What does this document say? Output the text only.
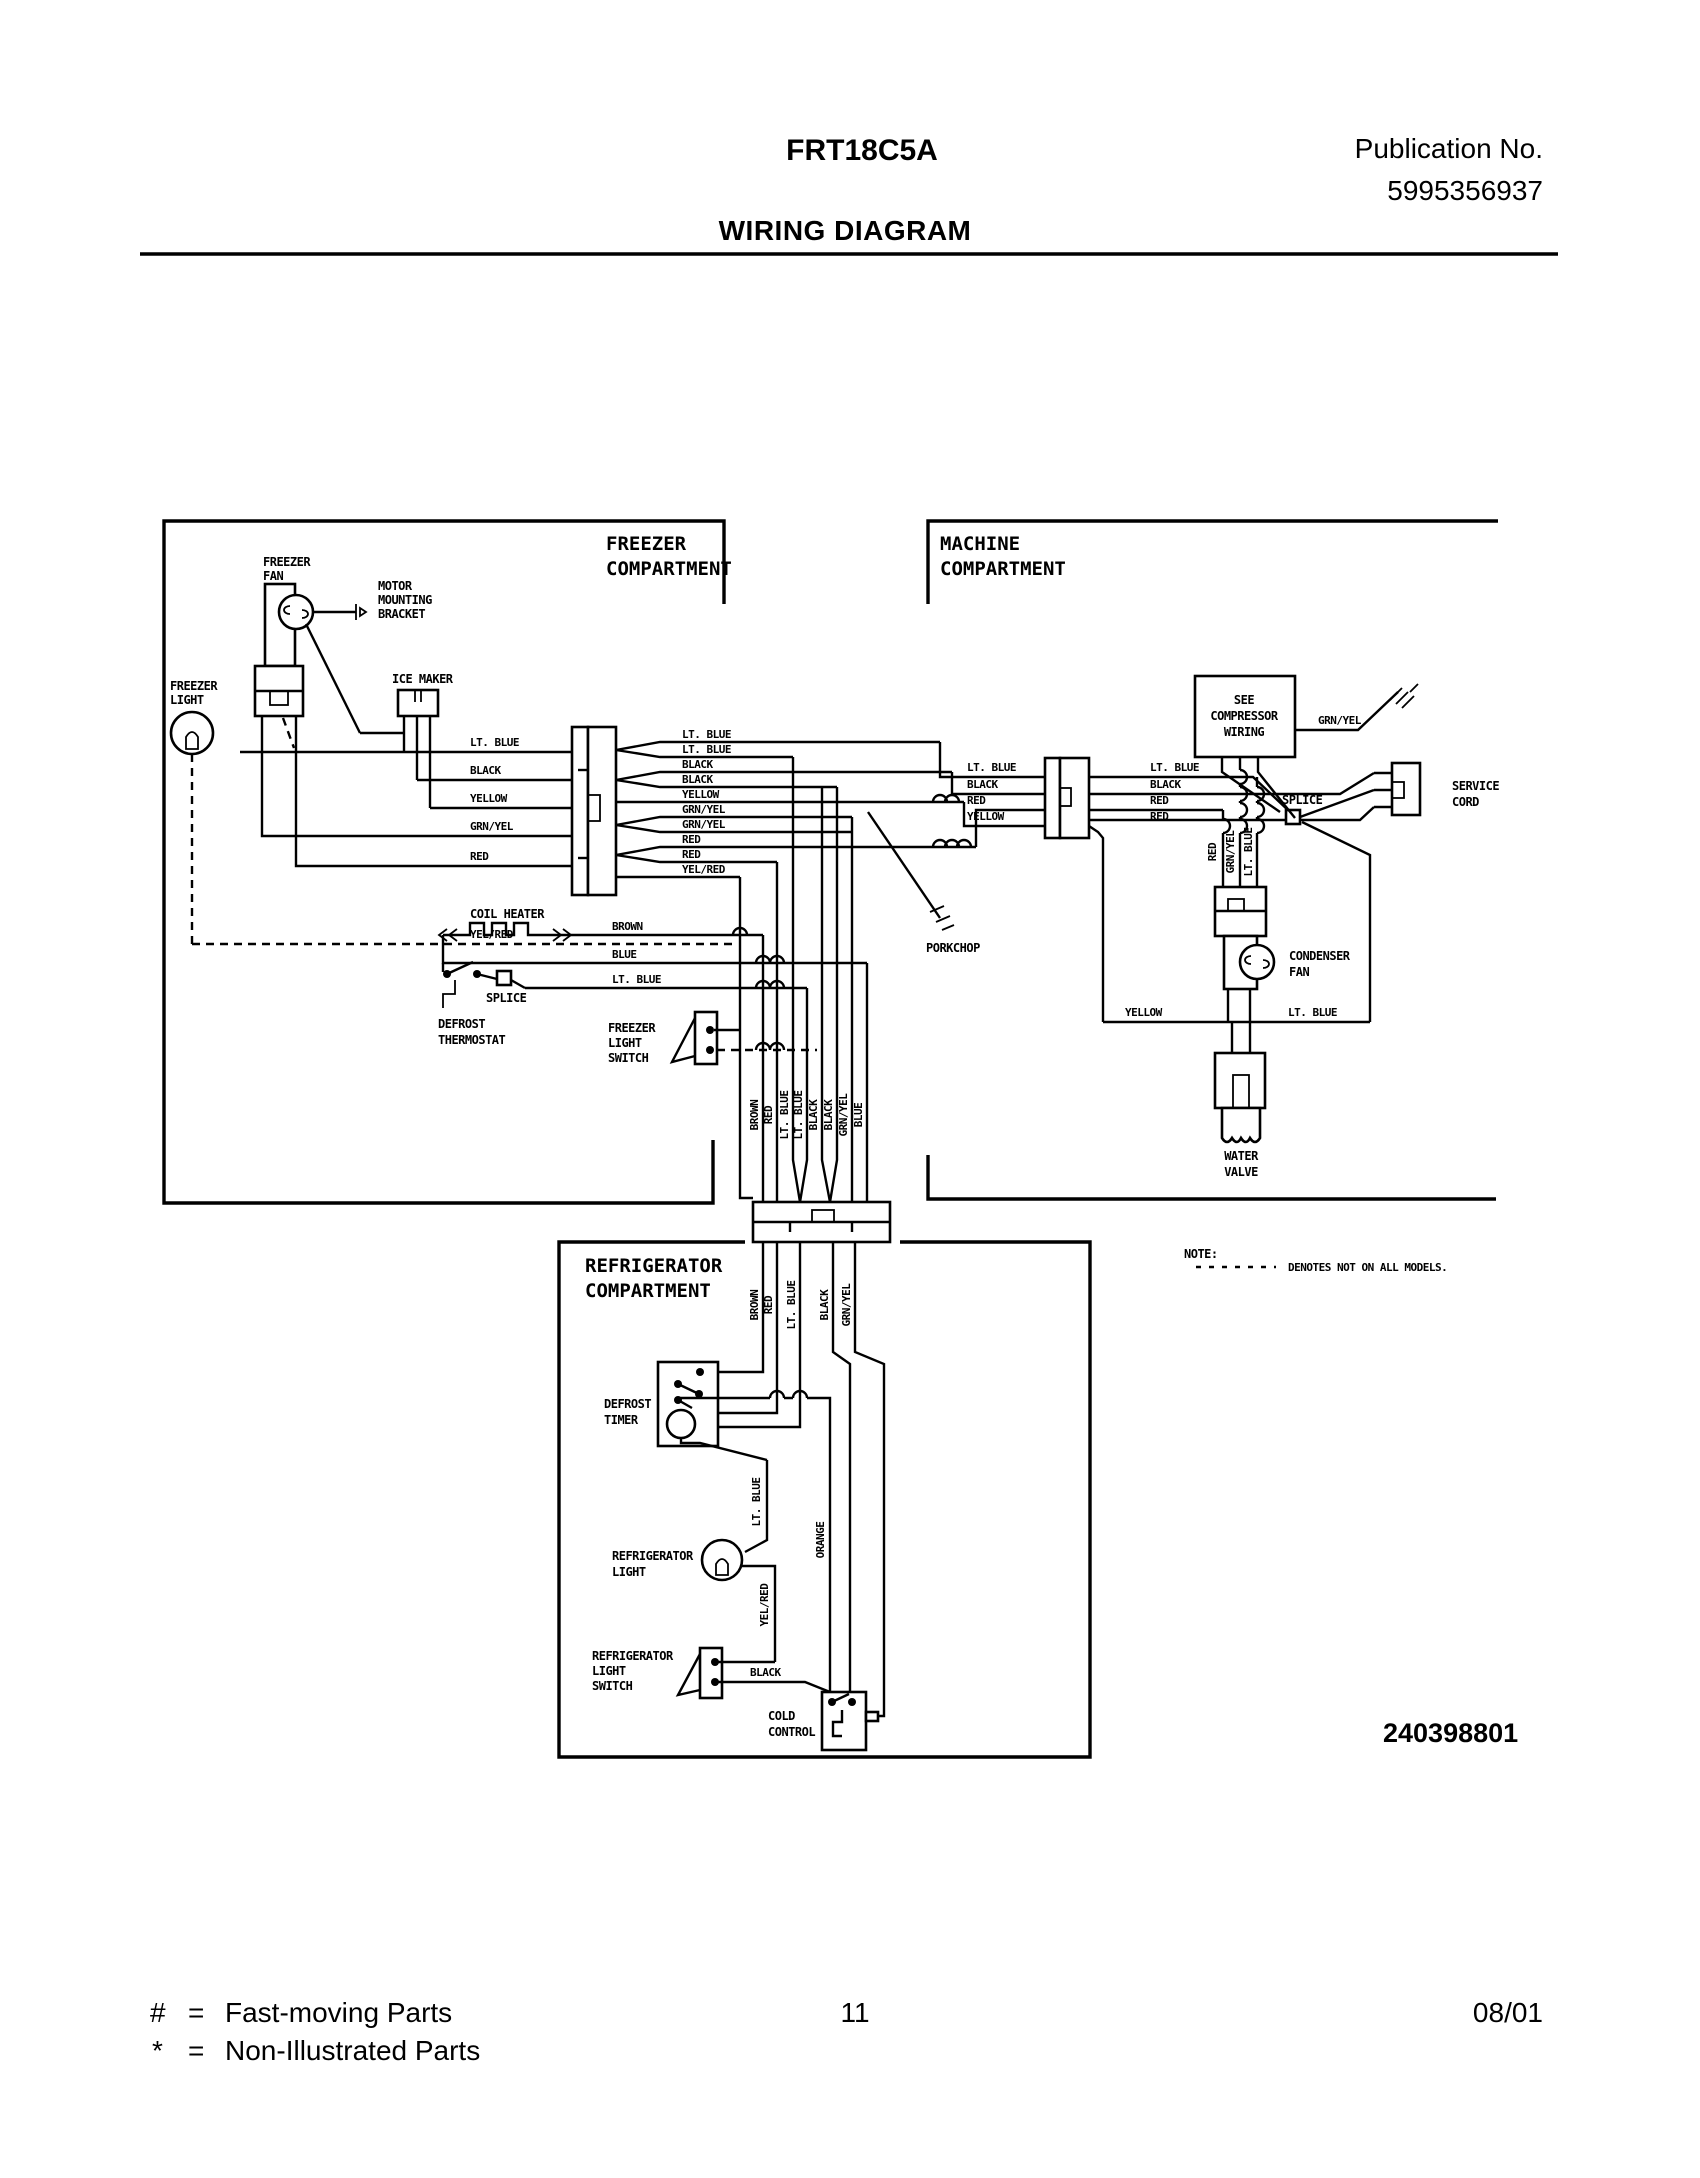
FRT18C5A	Publication No.
5995356937
WIRING DIAGRAM
FREEZER
COMPARTMENT
MACHINE
COMPARTMENT
REFRIGERATOR
COMPARTMENT
FREEZER
FAN
MOTOR
MOUNTING
BRACKET
FREEZER
LIGHT
ICE MAKER
LT. BLUE
BLACK
YELLOW
GRN/YEL
RED
YEL/RED
LT. BLUE
LT. BLUE
BLACK
BLACK
YELLOW
GRN/YEL
GRN/YEL
RED
RED
YEL/RED
BROWN RED LT. BLUE LT. BLUE BLACK BLACK GRN/YEL BLUE
COIL HEATER
SPLICE
DEFROST
THERMOSTAT
BROWN
BLUE
LT. BLUE
FREEZER
LIGHT
SWITCH
PORKCHOP
LT. BLUE
BLACK
RED
YELLOW
LT. BLUE
BLACK
RED
RED
SPLICE
SEE
COMPRESSOR
WIRING
GRN/YEL
RED GRN/YEL LT. BLUE
SERVICE
CORD
CONDENSER
FAN
YELLOW	LT. BLUE
WATER
VALVE
NOTE:
DENOTES NOT ON ALL MODELS.
BROWN RED LT. BLUE BLACK GRN/YEL
ORANGE
DEFROST
TIMER
LT. BLUE
REFRIGERATOR
LIGHT
YEL/RED
REFRIGERATOR
LIGHT
SWITCH
BLACK
COLD
CONTROL	240398801
# = Fast-moving Parts
* = Non-Illustrated Parts
11	08/01
